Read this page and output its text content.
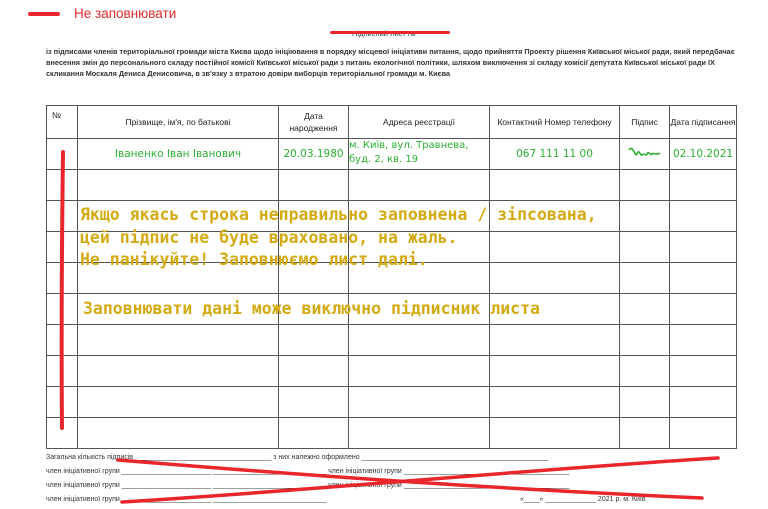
Не заповнювати
із підписами членів територіальної громади міста Києва щодо ініціювання в порядку місцевої ініціативи питання, щодо прийняття Проекту рішення Київської міської ради, який передбачає внесення змін до персонального складу постійної комісії Київської міської ради з питань екологічної політики, шляхом виключення зі складу комісії депутата Київської міської ради IX скликання Москаля Дениса Денисовича, в зв'язку з втратою довіри виборців територіальної громади м. Києва
№	Прізвище, ім'я, по батькові	Дата народження	Адреса реєстрації	Контактний Номер телефону	Підпис	Дата підписання
	Іваненко Іван Іванович	20.03.1980	м. Київ, вул. Травнева, буд. 2, кв. 19	067 111 11 00		02.10.2021

Якщо якась строка неправильно заповнена / зіпсована,
цей підпис не буде враховано, на жаль.
Не панікуйте! Заповнюємо лист далі.
Заповнювати дані може виключно підписник листа
Загальна кількість підписів ___________________________________ з них належно оформлено ________________________________________________
член ініціативної групи _______________________ _____________________________ член ініціативної групи _______________________ ___________________
член ініціативної групи _______________________ _____________________________ член ініціативної групи _______________________ ___________________
член ініціативної групи _______________________ _____________________________	«____» _____________ 2021 р. м. Київ
